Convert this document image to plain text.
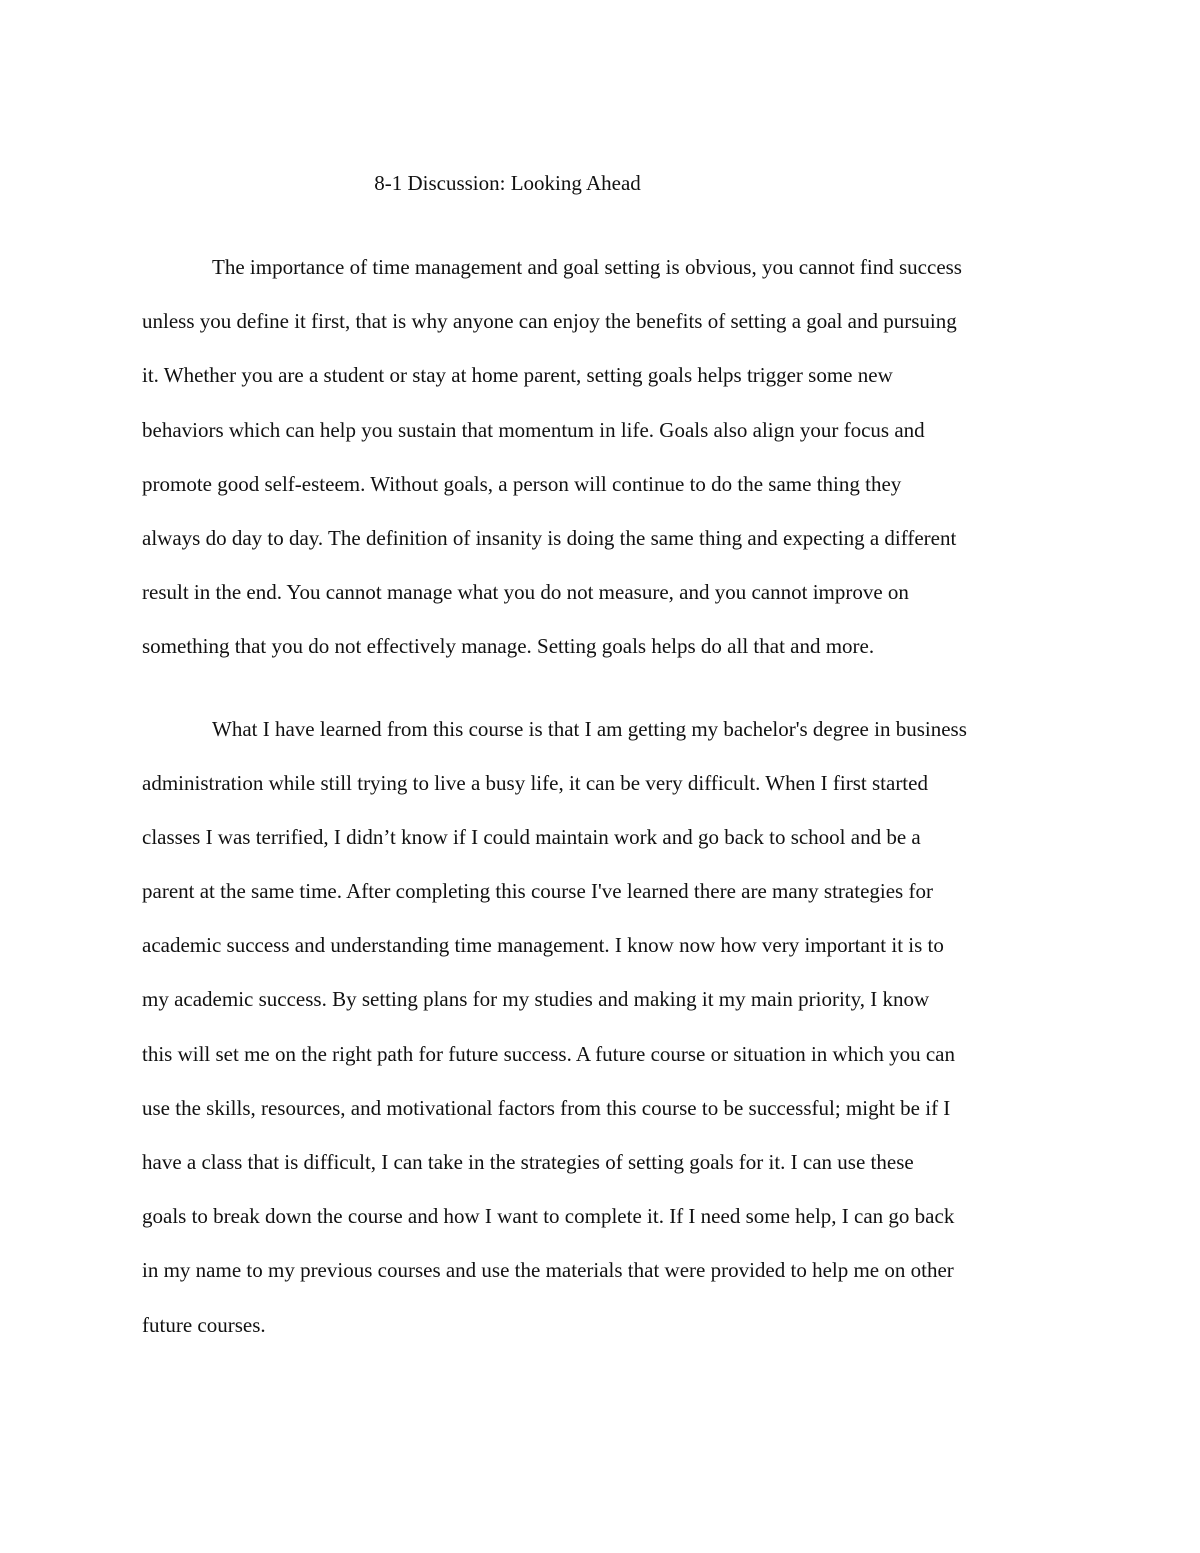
8-1 Discussion: Looking Ahead

The importance of time management and goal setting is obvious, you cannot find success
unless you define it first, that is why anyone can enjoy the benefits of setting a goal and pursuing
it. Whether you are a student or stay at home parent, setting goals helps trigger some new
behaviors which can help you sustain that momentum in life. Goals also align your focus and
promote good self-esteem. Without goals, a person will continue to do the same thing they
always do day to day. The definition of insanity is doing the same thing and expecting a different
result in the end. You cannot manage what you do not measure, and you cannot improve on
something that you do not effectively manage. Setting goals helps do all that and more.

What I have learned from this course is that I am getting my bachelor's degree in business
administration while still trying to live a busy life, it can be very difficult. When I first started
classes I was terrified, I didn’t know if I could maintain work and go back to school and be a
parent at the same time. After completing this course I've learned there are many strategies for
academic success and understanding time management. I know now how very important it is to
my academic success. By setting plans for my studies and making it my main priority, I know
this will set me on the right path for future success. A future course or situation in which you can
use the skills, resources, and motivational factors from this course to be successful; might be if I
have a class that is difficult, I can take in the strategies of setting goals for it. I can use these
goals to break down the course and how I want to complete it. If I need some help, I can go back
in my name to my previous courses and use the materials that were provided to help me on other
future courses.
